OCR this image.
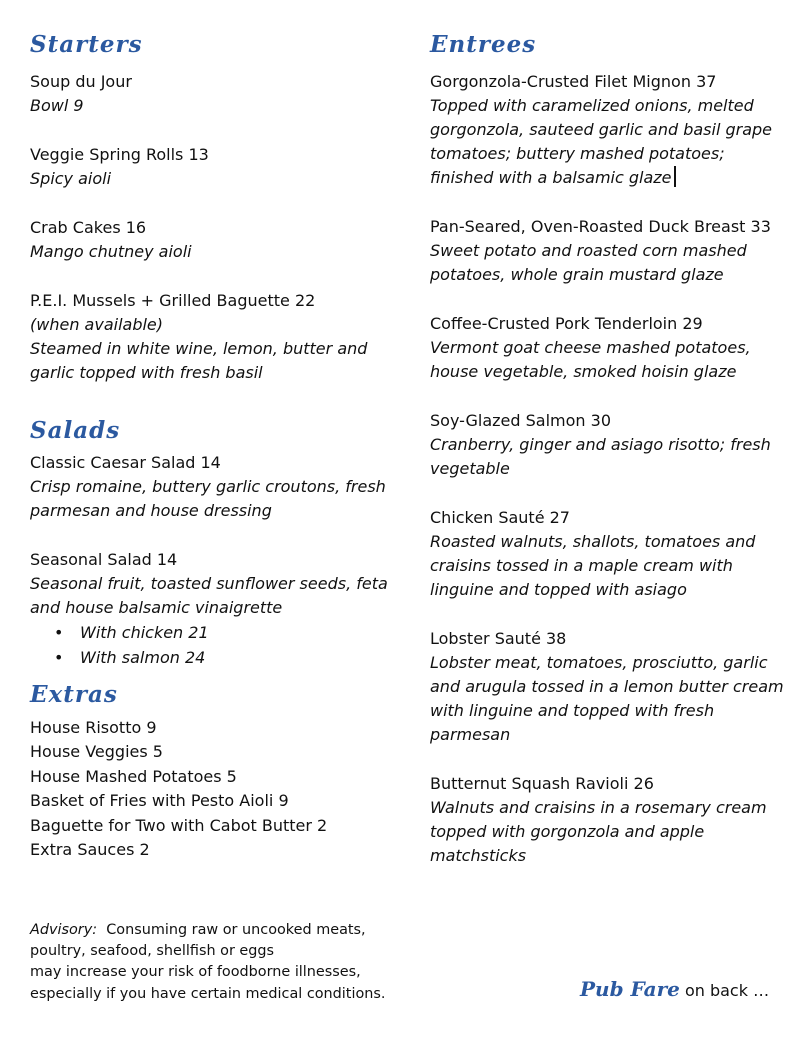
Starters
Soup du Jour
Bowl 9
Veggie Spring Rolls 13
Spicy aioli
Crab Cakes 16
Mango chutney aioli
P.E.I. Mussels + Grilled Baguette 22
(when available)
Steamed in white wine, lemon, butter and garlic topped with fresh basil
Salads
Classic Caesar Salad 14
Crisp romaine, buttery garlic croutons, fresh parmesan and house dressing
Seasonal Salad 14
Seasonal fruit, toasted sunflower seeds, feta and house balsamic vinaigrette
• With chicken 21
• With salmon 24
Extras
House Risotto 9
House Veggies 5
House Mashed Potatoes 5
Basket of Fries with Pesto Aioli 9
Baguette for Two with Cabot Butter 2
Extra Sauces 2
Entrees
Gorgonzola-Crusted Filet Mignon 37
Topped with caramelized onions, melted gorgonzola, sauteed garlic and basil grape tomatoes; buttery mashed potatoes; finished with a balsamic glaze
Pan-Seared, Oven-Roasted Duck Breast 33
Sweet potato and roasted corn mashed potatoes, whole grain mustard glaze
Coffee-Crusted Pork Tenderloin 29
Vermont goat cheese mashed potatoes, house vegetable, smoked hoisin glaze
Soy-Glazed Salmon 30
Cranberry, ginger and asiago risotto; fresh vegetable
Chicken Sauté 27
Roasted walnuts, shallots, tomatoes and craisins tossed in a maple cream with linguine and topped with asiago
Lobster Sauté 38
Lobster meat, tomatoes, prosciutto, garlic and arugula tossed in a lemon butter cream with linguine and topped with fresh parmesan
Butternut Squash Ravioli 26
Walnuts and craisins in a rosemary cream topped with gorgonzola and apple matchsticks
Advisory: Consuming raw or uncooked meats, poultry, seafood, shellfish or eggs
may increase your risk of foodborne illnesses, especially if you have certain medical conditions.	Pub Fare on back …
